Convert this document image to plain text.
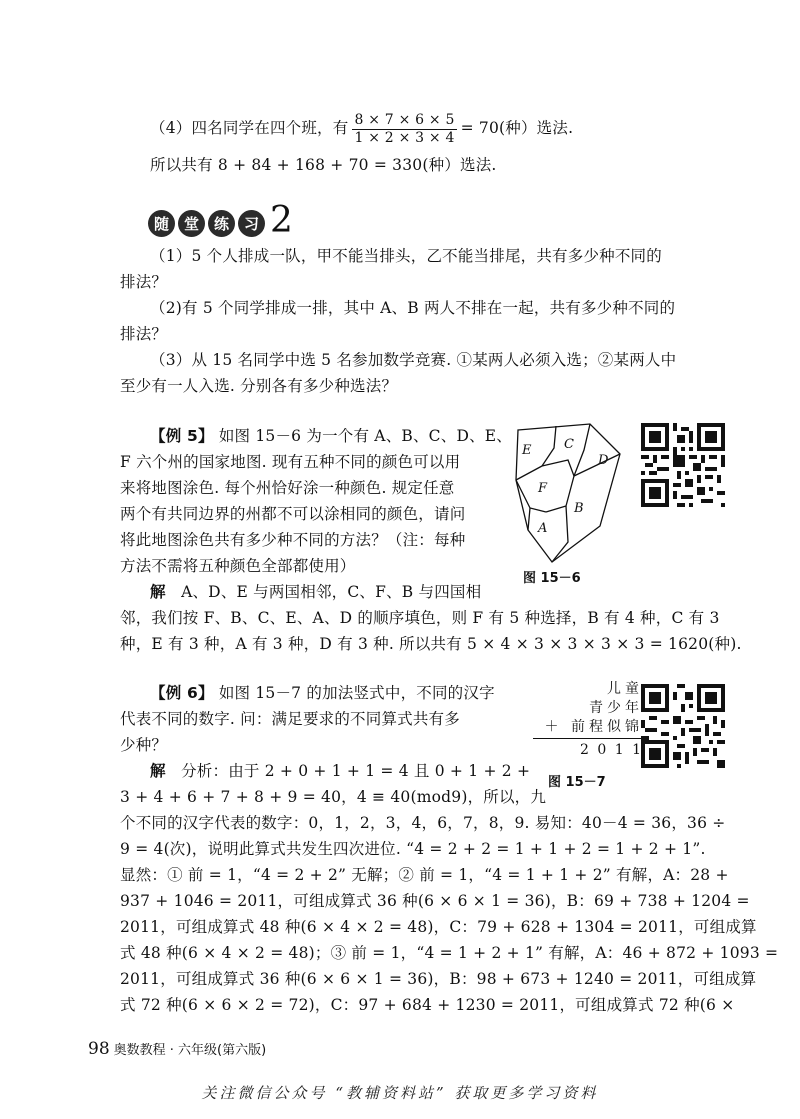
（4）四名同学在四个班，有 $\frac{8 \times 7 \times 6 \times 5}{1 \times 2 \times 3 \times 4} = 70$(种）选法.
所以共有 8 + 84 + 168 + 70 = 330(种）选法.
随 堂 练 习 2
（1）5 个人排成一队，甲不能当排头，乙不能当排尾，共有多少种不同的
排法？
（2)有 5 个同学排成一排，其中 A、B 两人不排在一起，共有多少种不同的
排法？
（3）从 15 名同学中选 5 名参加数学竞赛. ①某两人必须入选；②某两人中
至少有一人入选. 分别各有多少种选法？
【例 5】 如图 15－6 为一个有 A、B、C、D、E、
F 六个州的国家地图. 现有五种不同的颜色可以用
来将地图涂色. 每个州恰好涂一种颜色. 规定任意
两个有共同边界的州都不可以涂相同的颜色，请问
将此地图涂色共有多少种不同的方法？（注：每种
方法不需将五种颜色全部都使用）
解 A、D、E 与两国相邻，C、F、B 与四国相
邻，我们按 F、B、C、E、A、D 的顺序填色，则 F 有 5 种选择，B 有 4 种，C 有 3
种，E 有 3 种，A 有 3 种，D 有 3 种. 所以共有 5 × 4 × 3 × 3 × 3 × 3 = 1620(种).
E	C
D
F
B
A
图 15－6
【例 6】 如图 15－7 的加法竖式中，不同的汉字
代表不同的数字. 问：满足要求的不同算式共有多
少种？
解 分析：由于 2 + 0 + 1 + 1 = 4 且 0 + 1 + 2 +
3 + 4 + 6 + 7 + 8 + 9 = 40，4 ≡ 40(mod9)，所以，九
个不同的汉字代表的数字：0，1，2，3，4，6，7，8，9. 易知：40－4 = 36，36 ÷
9 = 4(次)，说明此算式共发生四次进位. “4 = 2 + 2 = 1 + 1 + 2 = 1 + 2 + 1”.
显然：① 前 = 1，“4 = 2 + 2” 无解；② 前 = 1，“4 = 1 + 1 + 2” 有解，A：28 +
937 + 1046 = 2011，可组成算式 36 种(6 × 6 × 1 = 36)，B：69 + 738 + 1204 =
2011，可组成算式 48 种(6 × 4 × 2 = 48)，C：79 + 628 + 1304 = 2011，可组成算
式 48 种(6 × 4 × 2 = 48)；③ 前 = 1，“4 = 1 + 2 + 1” 有解，A：46 + 872 + 1093 =
2011，可组成算式 36 种(6 × 6 × 1 = 36)，B：98 + 673 + 1240 = 2011，可组成算
式 72 种(6 × 6 × 2 = 72)，C：97 + 684 + 1230 = 2011，可组成算式 72 种(6 ×
儿童
青少年
＋ 前程似锦
2 0 1 1
图 15－7
98 奥数教程 · 六年级(第六版)
关注微信公众号 “教辅资料站” 获取更多学习资料
